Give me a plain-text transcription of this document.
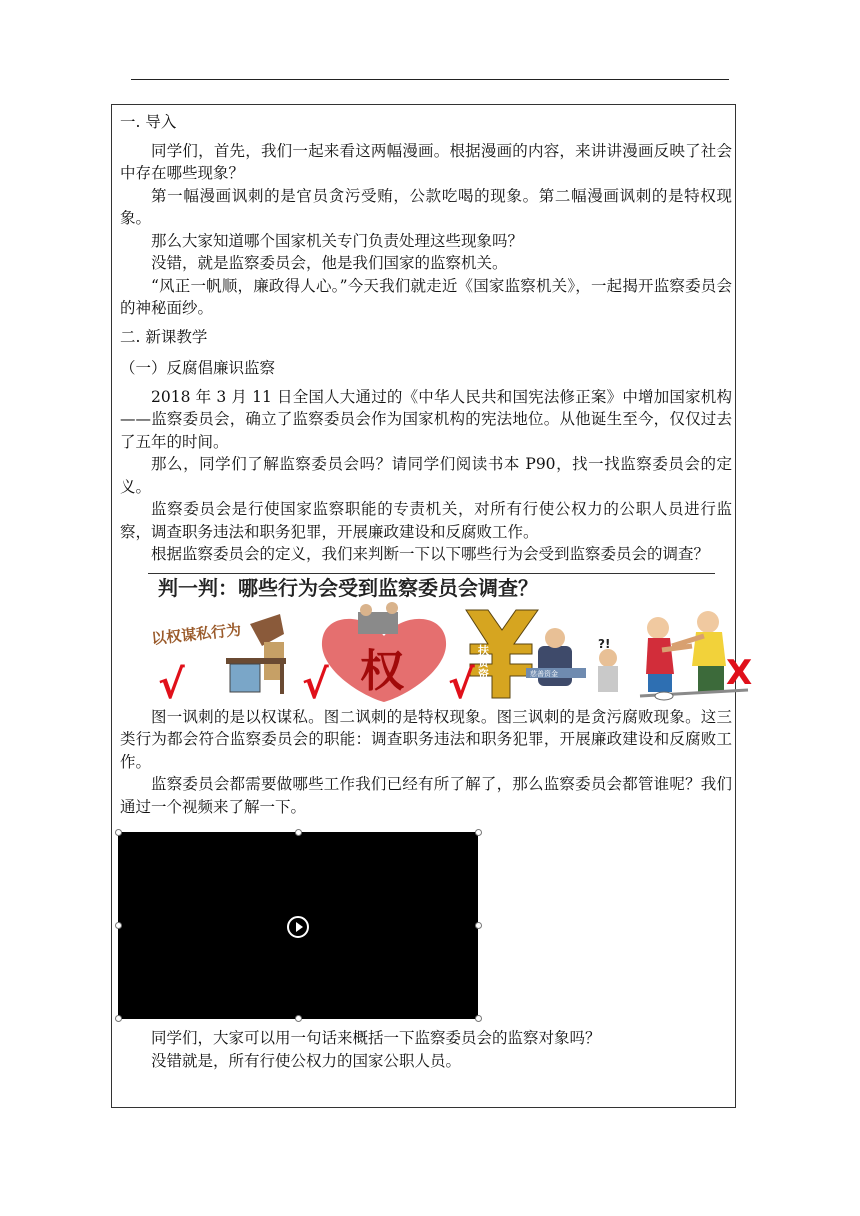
一. 导入

同学们，首先，我们一起来看这两幅漫画。根据漫画的内容，来讲讲漫画反映了社会中存在哪些现象？

第一幅漫画讽刺的是官员贪污受贿，公款吃喝的现象。第二幅漫画讽刺的是特权现象。

那么大家知道哪个国家机关专门负责处理这些现象吗？

没错，就是监察委员会，他是我们国家的监察机关。

“风正一帆顺，廉政得人心。”今天我们就走近《国家监察机关》，一起揭开监察委员会的神秘面纱。

二. 新课教学

（一）反腐倡廉识监察

2018 年 3 月 11 日全国人大通过的《中华人民共和国宪法修正案》中增加国家机构——监察委员会，确立了监察委员会作为国家机构的宪法地位。从他诞生至今，仅仅过去了五年的时间。

那么，同学们了解监察委员会吗？请同学们阅读书本 P90，找一找监察委员会的定义。

监察委员会是行使国家监察职能的专责机关，对所有行使公权力的公职人员进行监察，调查职务违法和职务犯罪，开展廉政建设和反腐败工作。

根据监察委员会的定义，我们来判断一下以下哪些行为会受到监察委员会的调查？

判一判：哪些行为会受到监察委员会调查？
以权谋私行为
√	权
√
扶
贫
资
金
慈善资金
?!
√	X

图一讽刺的是以权谋私。图二讽刺的是特权现象。图三讽刺的是贪污腐败现象。这三类行为都会符合监察委员会的职能：调查职务违法和职务犯罪，开展廉政建设和反腐败工作。

监察委员会都需要做哪些工作我们已经有所了解了，那么监察委员会都管谁呢？我们通过一个视频来了解一下。

同学们，大家可以用一句话来概括一下监察委员会的监察对象吗？

没错就是，所有行使公权力的国家公职人员。
